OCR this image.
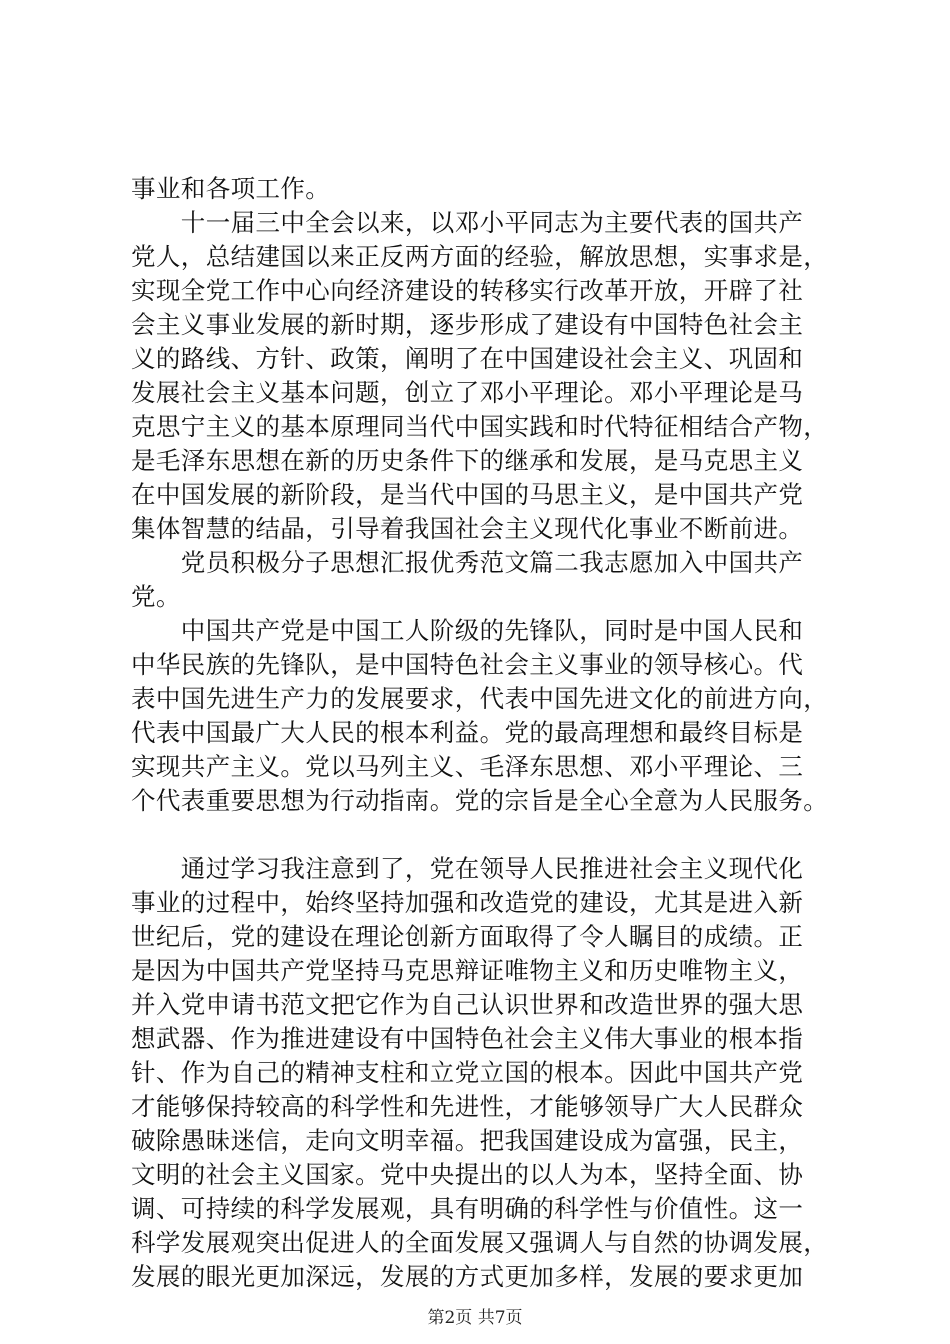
事业和各项工作。
　　十一届三中全会以来，以邓小平同志为主要代表的国共产
党人，总结建国以来正反两方面的经验，解放思想，实事求是，
实现全党工作中心向经济建设的转移实行改革开放，开辟了社
会主义事业发展的新时期，逐步形成了建设有中国特色社会主
义的路线、方针、政策，阐明了在中国建设社会主义、巩固和
发展社会主义基本问题，创立了邓小平理论。邓小平理论是马
克思宁主义的基本原理同当代中国实践和时代特征相结合产物，
是毛泽东思想在新的历史条件下的继承和发展，是马克思主义
在中国发展的新阶段，是当代中国的马思主义，是中国共产党
集体智慧的结晶，引导着我国社会主义现代化事业不断前进。
　　党员积极分子思想汇报优秀范文篇二我志愿加入中国共产
党。
　　中国共产党是中国工人阶级的先锋队，同时是中国人民和
中华民族的先锋队，是中国特色社会主义事业的领导核心。代
表中国先进生产力的发展要求，代表中国先进文化的前进方向，
代表中国最广大人民的根本利益。党的最高理想和最终目标是
实现共产主义。党以马列主义、毛泽东思想、邓小平理论、三
个代表重要思想为行动指南。党的宗旨是全心全意为人民服务。
　　通过学习我注意到了，党在领导人民推进社会主义现代化
事业的过程中，始终坚持加强和改造党的建设，尤其是进入新
世纪后，党的建设在理论创新方面取得了令人瞩目的成绩。正
是因为中国共产党坚持马克思辩证唯物主义和历史唯物主义，
并入党申请书范文把它作为自己认识世界和改造世界的强大思
想武器、作为推进建设有中国特色社会主义伟大事业的根本指
针、作为自己的精神支柱和立党立国的根本。因此中国共产党
才能够保持较高的科学性和先进性，才能够领导广大人民群众
破除愚昧迷信，走向文明幸福。把我国建设成为富强，民主，
文明的社会主义国家。党中央提出的以人为本，坚持全面、协
调、可持续的科学发展观，具有明确的科学性与价值性。这一
科学发展观突出促进人的全面发展又强调人与自然的协调发展，
发展的眼光更加深远，发展的方式更加多样，发展的要求更加
第2页 共7页
